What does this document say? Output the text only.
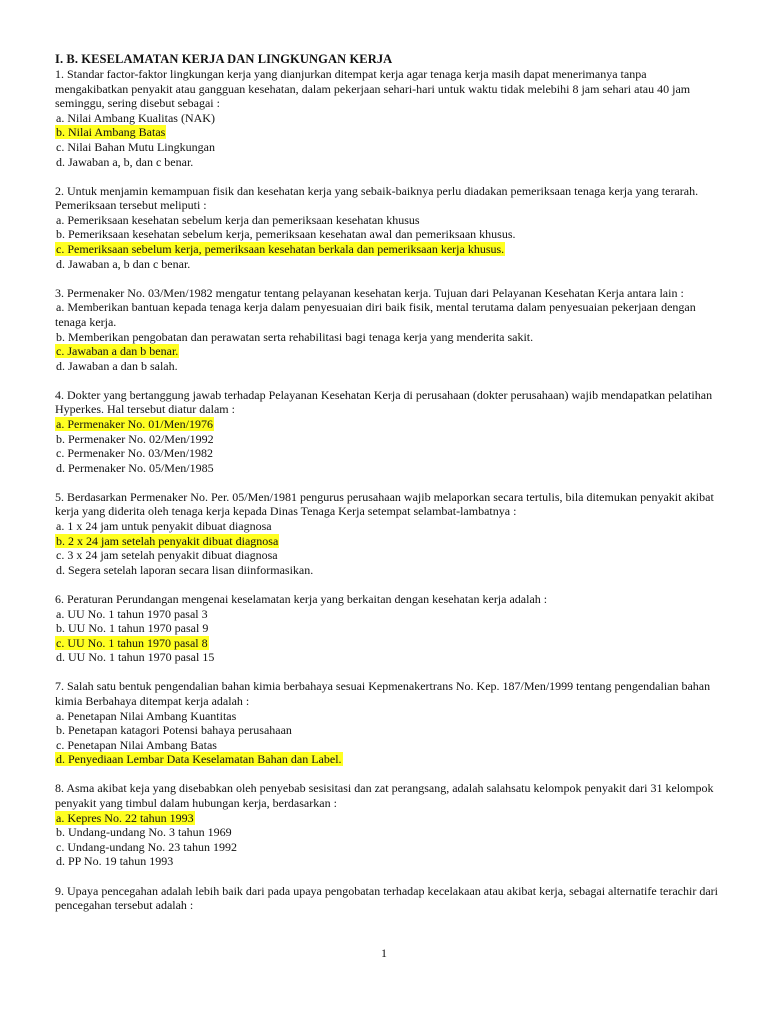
I. B. KESELAMATAN KERJA DAN LINGKUNGAN KERJA

1. Standar factor-faktor lingkungan kerja yang dianjurkan ditempat kerja agar tenaga kerja masih dapat menerimanya tanpa mengakibatkan penyakit atau gangguan kesehatan, dalam pekerjaan sehari-hari untuk waktu tidak melebihi 8 jam sehari atau 40 jam seminggu, sering disebut sebagai :

a. Nilai Ambang Kualitas (NAK)

b. Nilai Ambang Batas

c. Nilai Bahan Mutu Lingkungan

d. Jawaban a, b, dan c benar.

2. Untuk menjamin kemampuan fisik dan kesehatan kerja yang sebaik-baiknya perlu diadakan pemeriksaan tenaga kerja yang terarah. Pemeriksaan tersebut meliputi :

a. Pemeriksaan kesehatan sebelum kerja dan pemeriksaan kesehatan khusus

b. Pemeriksaan kesehatan sebelum kerja, pemeriksaan kesehatan awal dan pemeriksaan khusus.

c. Pemeriksaan sebelum kerja, pemeriksaan kesehatan berkala dan pemeriksaan kerja khusus.

d. Jawaban a, b dan c benar.

3. Permenaker No. 03/Men/1982 mengatur tentang pelayanan kesehatan kerja. Tujuan dari Pelayanan Kesehatan Kerja antara lain :

a. Memberikan bantuan kepada tenaga kerja dalam penyesuaian diri baik fisik, mental terutama dalam penyesuaian pekerjaan dengan tenaga kerja.

b. Memberikan pengobatan dan perawatan serta rehabilitasi bagi tenaga kerja yang menderita sakit.

c. Jawaban a dan b benar.

d. Jawaban a dan b salah.

4. Dokter yang bertanggung jawab terhadap Pelayanan Kesehatan Kerja di perusahaan (dokter perusahaan) wajib mendapatkan pelatihan Hyperkes. Hal tersebut diatur dalam :

a. Permenaker No. 01/Men/1976

b. Permenaker No. 02/Men/1992

c. Permenaker No. 03/Men/1982

d. Permenaker No. 05/Men/1985

5. Berdasarkan Permenaker No. Per. 05/Men/1981 pengurus perusahaan wajib melaporkan secara tertulis, bila ditemukan penyakit akibat kerja yang diderita oleh tenaga kerja kepada Dinas Tenaga Kerja setempat selambat-lambatnya :

a. 1 x 24 jam untuk penyakit dibuat diagnosa

b. 2 x 24 jam setelah penyakit dibuat diagnosa

c. 3 x 24 jam setelah penyakit dibuat diagnosa

d. Segera setelah laporan secara lisan diinformasikan.

6. Peraturan Perundangan mengenai keselamatan kerja yang berkaitan dengan kesehatan kerja adalah :

a. UU No. 1 tahun 1970 pasal 3

b. UU No. 1 tahun 1970 pasal 9

c. UU No. 1 tahun 1970 pasal 8

d. UU No. 1 tahun 1970 pasal 15

7. Salah satu bentuk pengendalian bahan kimia berbahaya sesuai Kepmenakertrans No. Kep. 187/Men/1999 tentang pengendalian bahan kimia Berbahaya ditempat kerja adalah :

a. Penetapan Nilai Ambang Kuantitas

b. Penetapan katagori Potensi bahaya perusahaan

c. Penetapan Nilai Ambang Batas

d. Penyediaan Lembar Data Keselamatan Bahan dan Label.

8. Asma akibat keja yang disebabkan oleh penyebab sesisitasi dan zat perangsang, adalah salahsatu kelompok penyakit dari 31 kelompok penyakit yang timbul dalam hubungan kerja, berdasarkan :

a. Kepres No. 22 tahun 1993

b. Undang-undang No. 3 tahun 1969

c. Undang-undang No. 23 tahun 1992

d. PP No. 19 tahun 1993

9. Upaya pencegahan adalah lebih baik dari pada upaya pengobatan terhadap kecelakaan atau akibat kerja, sebagai alternatife terachir dari pencegahan tersebut adalah :

1
